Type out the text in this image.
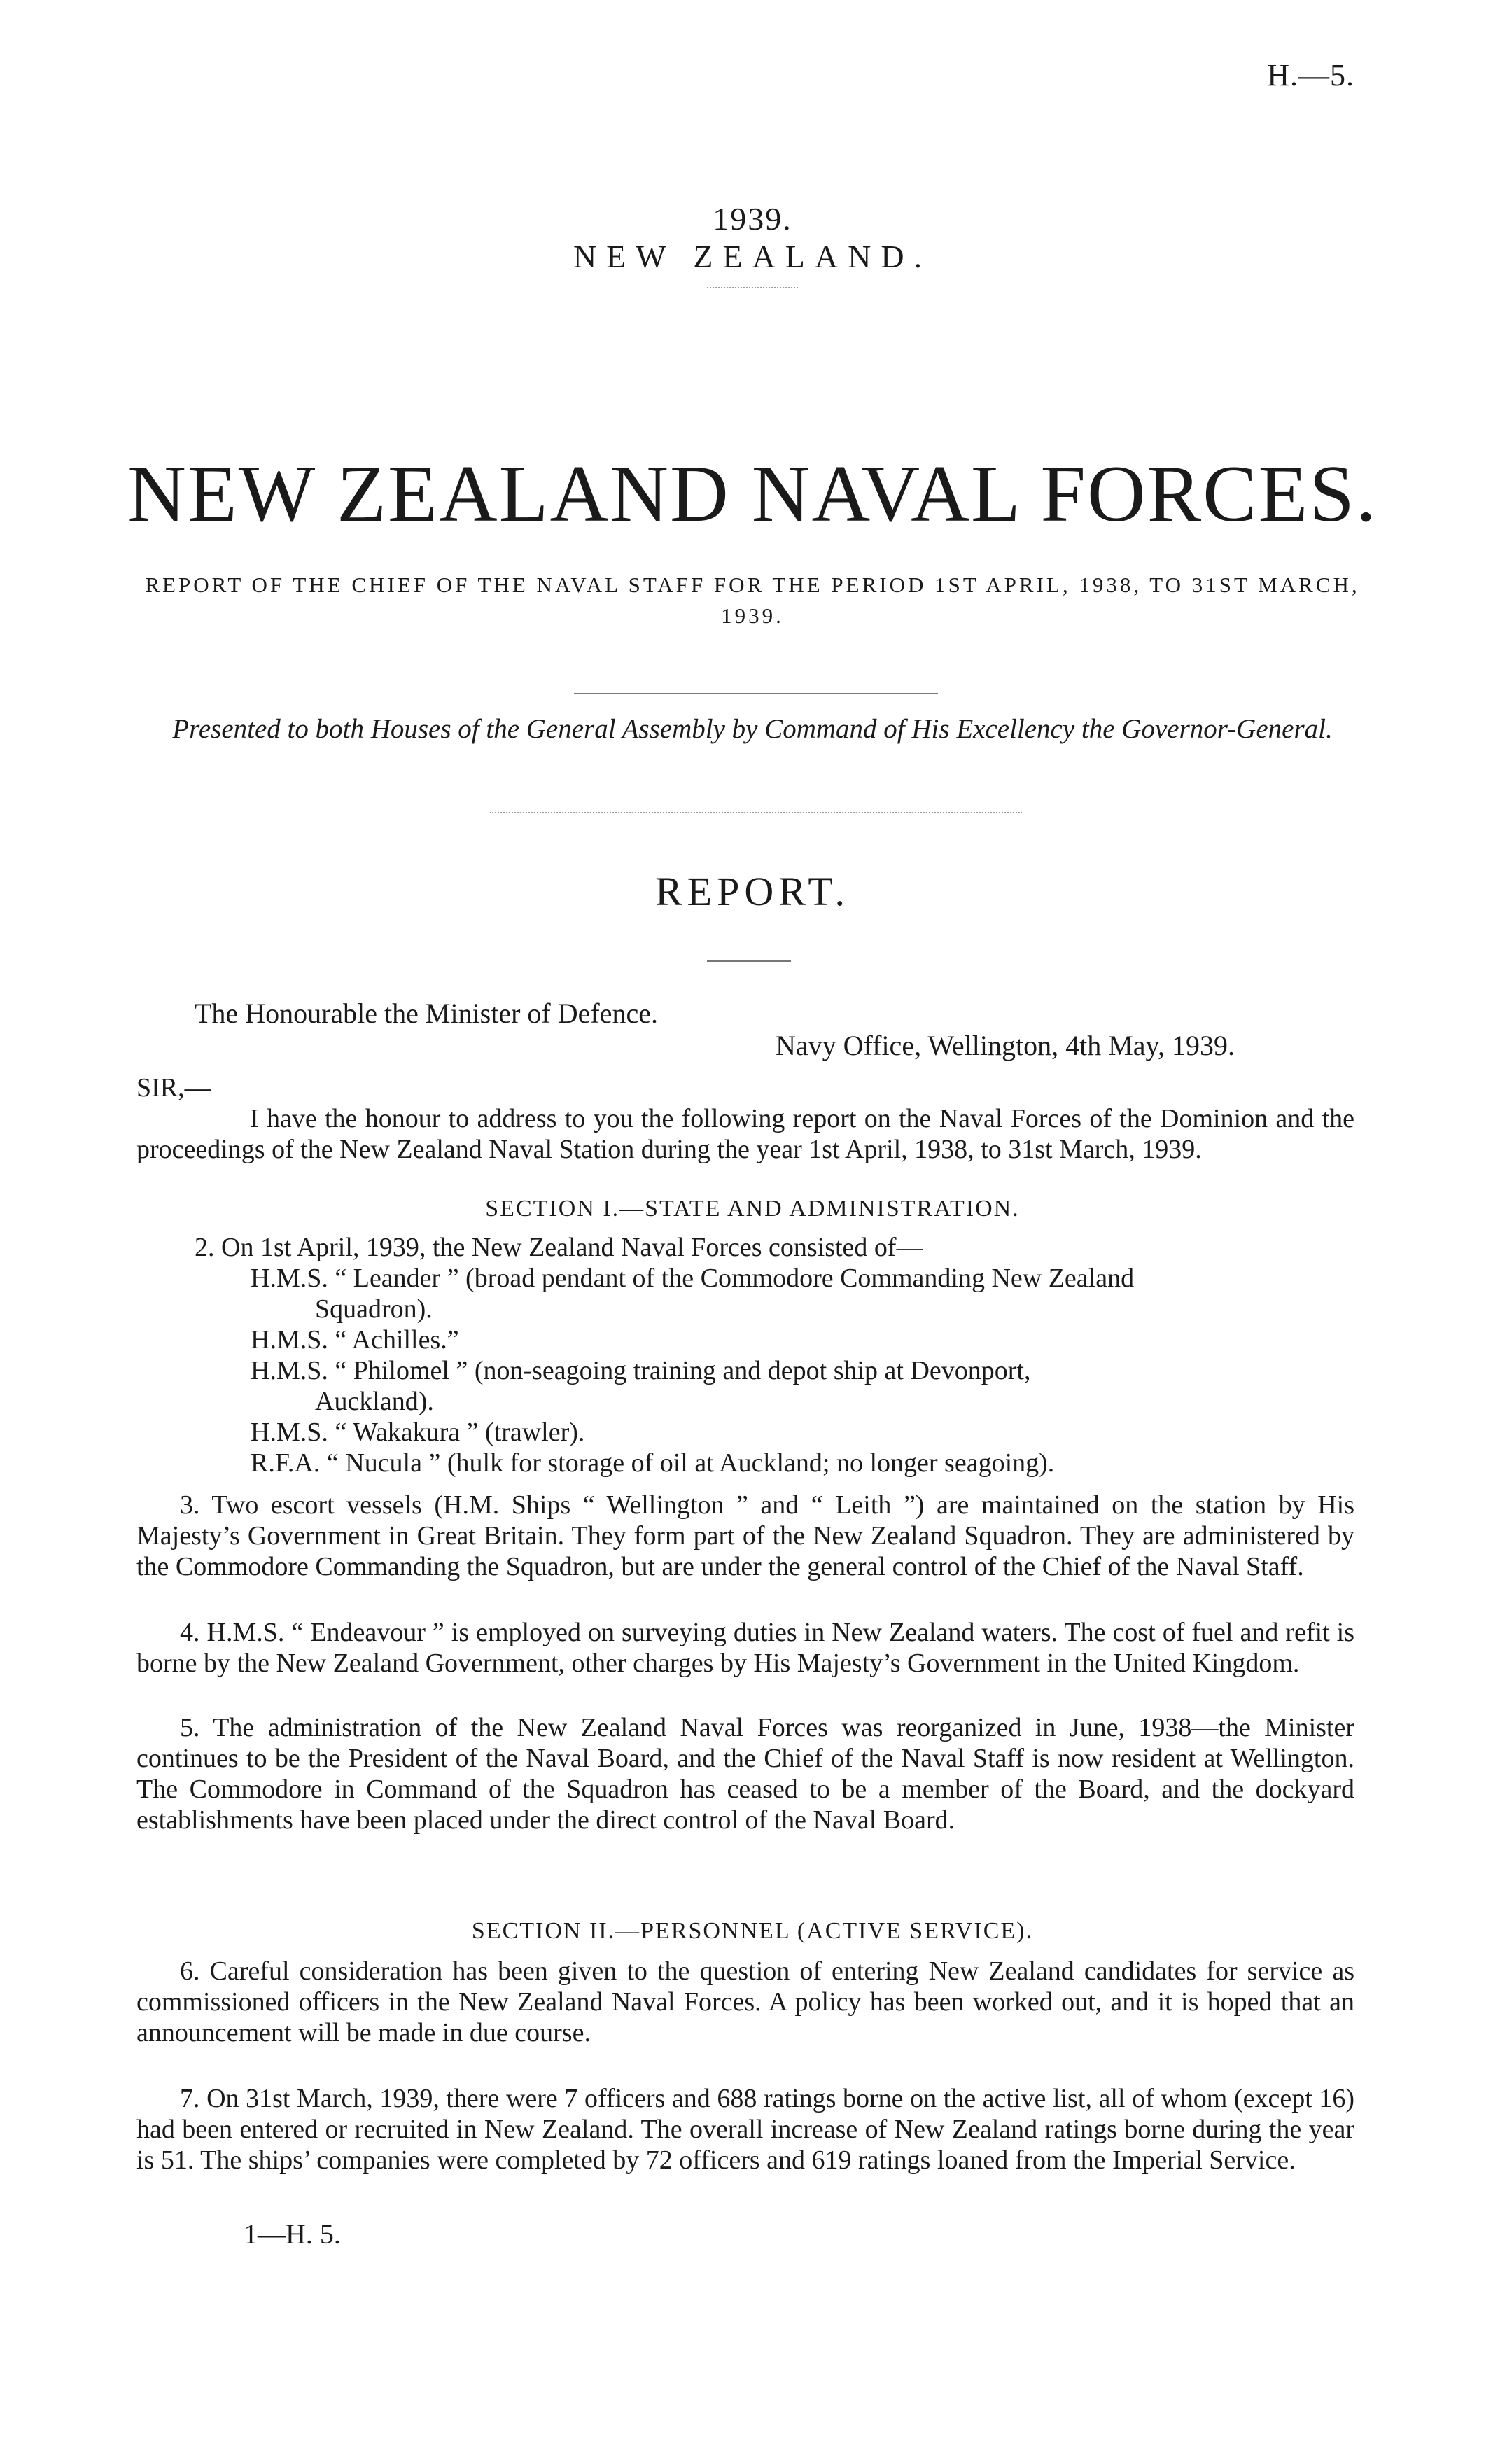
H.—5.
1939.
NEW ZEALAND.
NEW ZEALAND NAVAL FORCES.
REPORT OF THE CHIEF OF THE NAVAL STAFF FOR THE PERIOD 1ST APRIL, 1938, TO 31ST MARCH, 1939.
Presented to both Houses of the General Assembly by Command of His Excellency the Governor-General.
REPORT.
The Honourable the Minister of Defence.
Navy Office, Wellington, 4th May, 1939.
SIR,—
I have the honour to address to you the following report on the Naval Forces of the Dominion and the proceedings of the New Zealand Naval Station during the year 1st April, 1938, to 31st March, 1939.
SECTION I.—STATE AND ADMINISTRATION.
2. On 1st April, 1939, the New Zealand Naval Forces consisted of—
H.M.S. “ Leander ” (broad pendant of the Commodore Commanding New Zealand
Squadron).
H.M.S. “ Achilles.”
H.M.S. “ Philomel ” (non-seagoing training and depot ship at Devonport,
Auckland).
H.M.S. “ Wakakura ” (trawler).
R.F.A. “ Nucula ” (hulk for storage of oil at Auckland; no longer seagoing).
3. Two escort vessels (H.M. Ships “ Wellington ” and “ Leith ”) are maintained on the station by His Majesty’s Government in Great Britain. They form part of the New Zealand Squadron. They are administered by the Commodore Commanding the Squadron, but are under the general control of the Chief of the Naval Staff.
4. H.M.S. “ Endeavour ” is employed on surveying duties in New Zealand waters. The cost of fuel and refit is borne by the New Zealand Government, other charges by His Majesty’s Government in the United Kingdom.
5. The administration of the New Zealand Naval Forces was reorganized in June, 1938—the Minister continues to be the President of the Naval Board, and the Chief of the Naval Staff is now resident at Wellington. The Commodore in Command of the Squadron has ceased to be a member of the Board, and the dockyard establishments have been placed under the direct control of the Naval Board.
SECTION II.—PERSONNEL (ACTIVE SERVICE).
6. Careful consideration has been given to the question of entering New Zealand candidates for service as commissioned officers in the New Zealand Naval Forces. A policy has been worked out, and it is hoped that an announcement will be made in due course.
7. On 31st March, 1939, there were 7 officers and 688 ratings borne on the active list, all of whom (except 16) had been entered or recruited in New Zealand. The overall increase of New Zealand ratings borne during the year is 51. The ships’ companies were completed by 72 officers and 619 ratings loaned from the Imperial Service.
1—H. 5.
